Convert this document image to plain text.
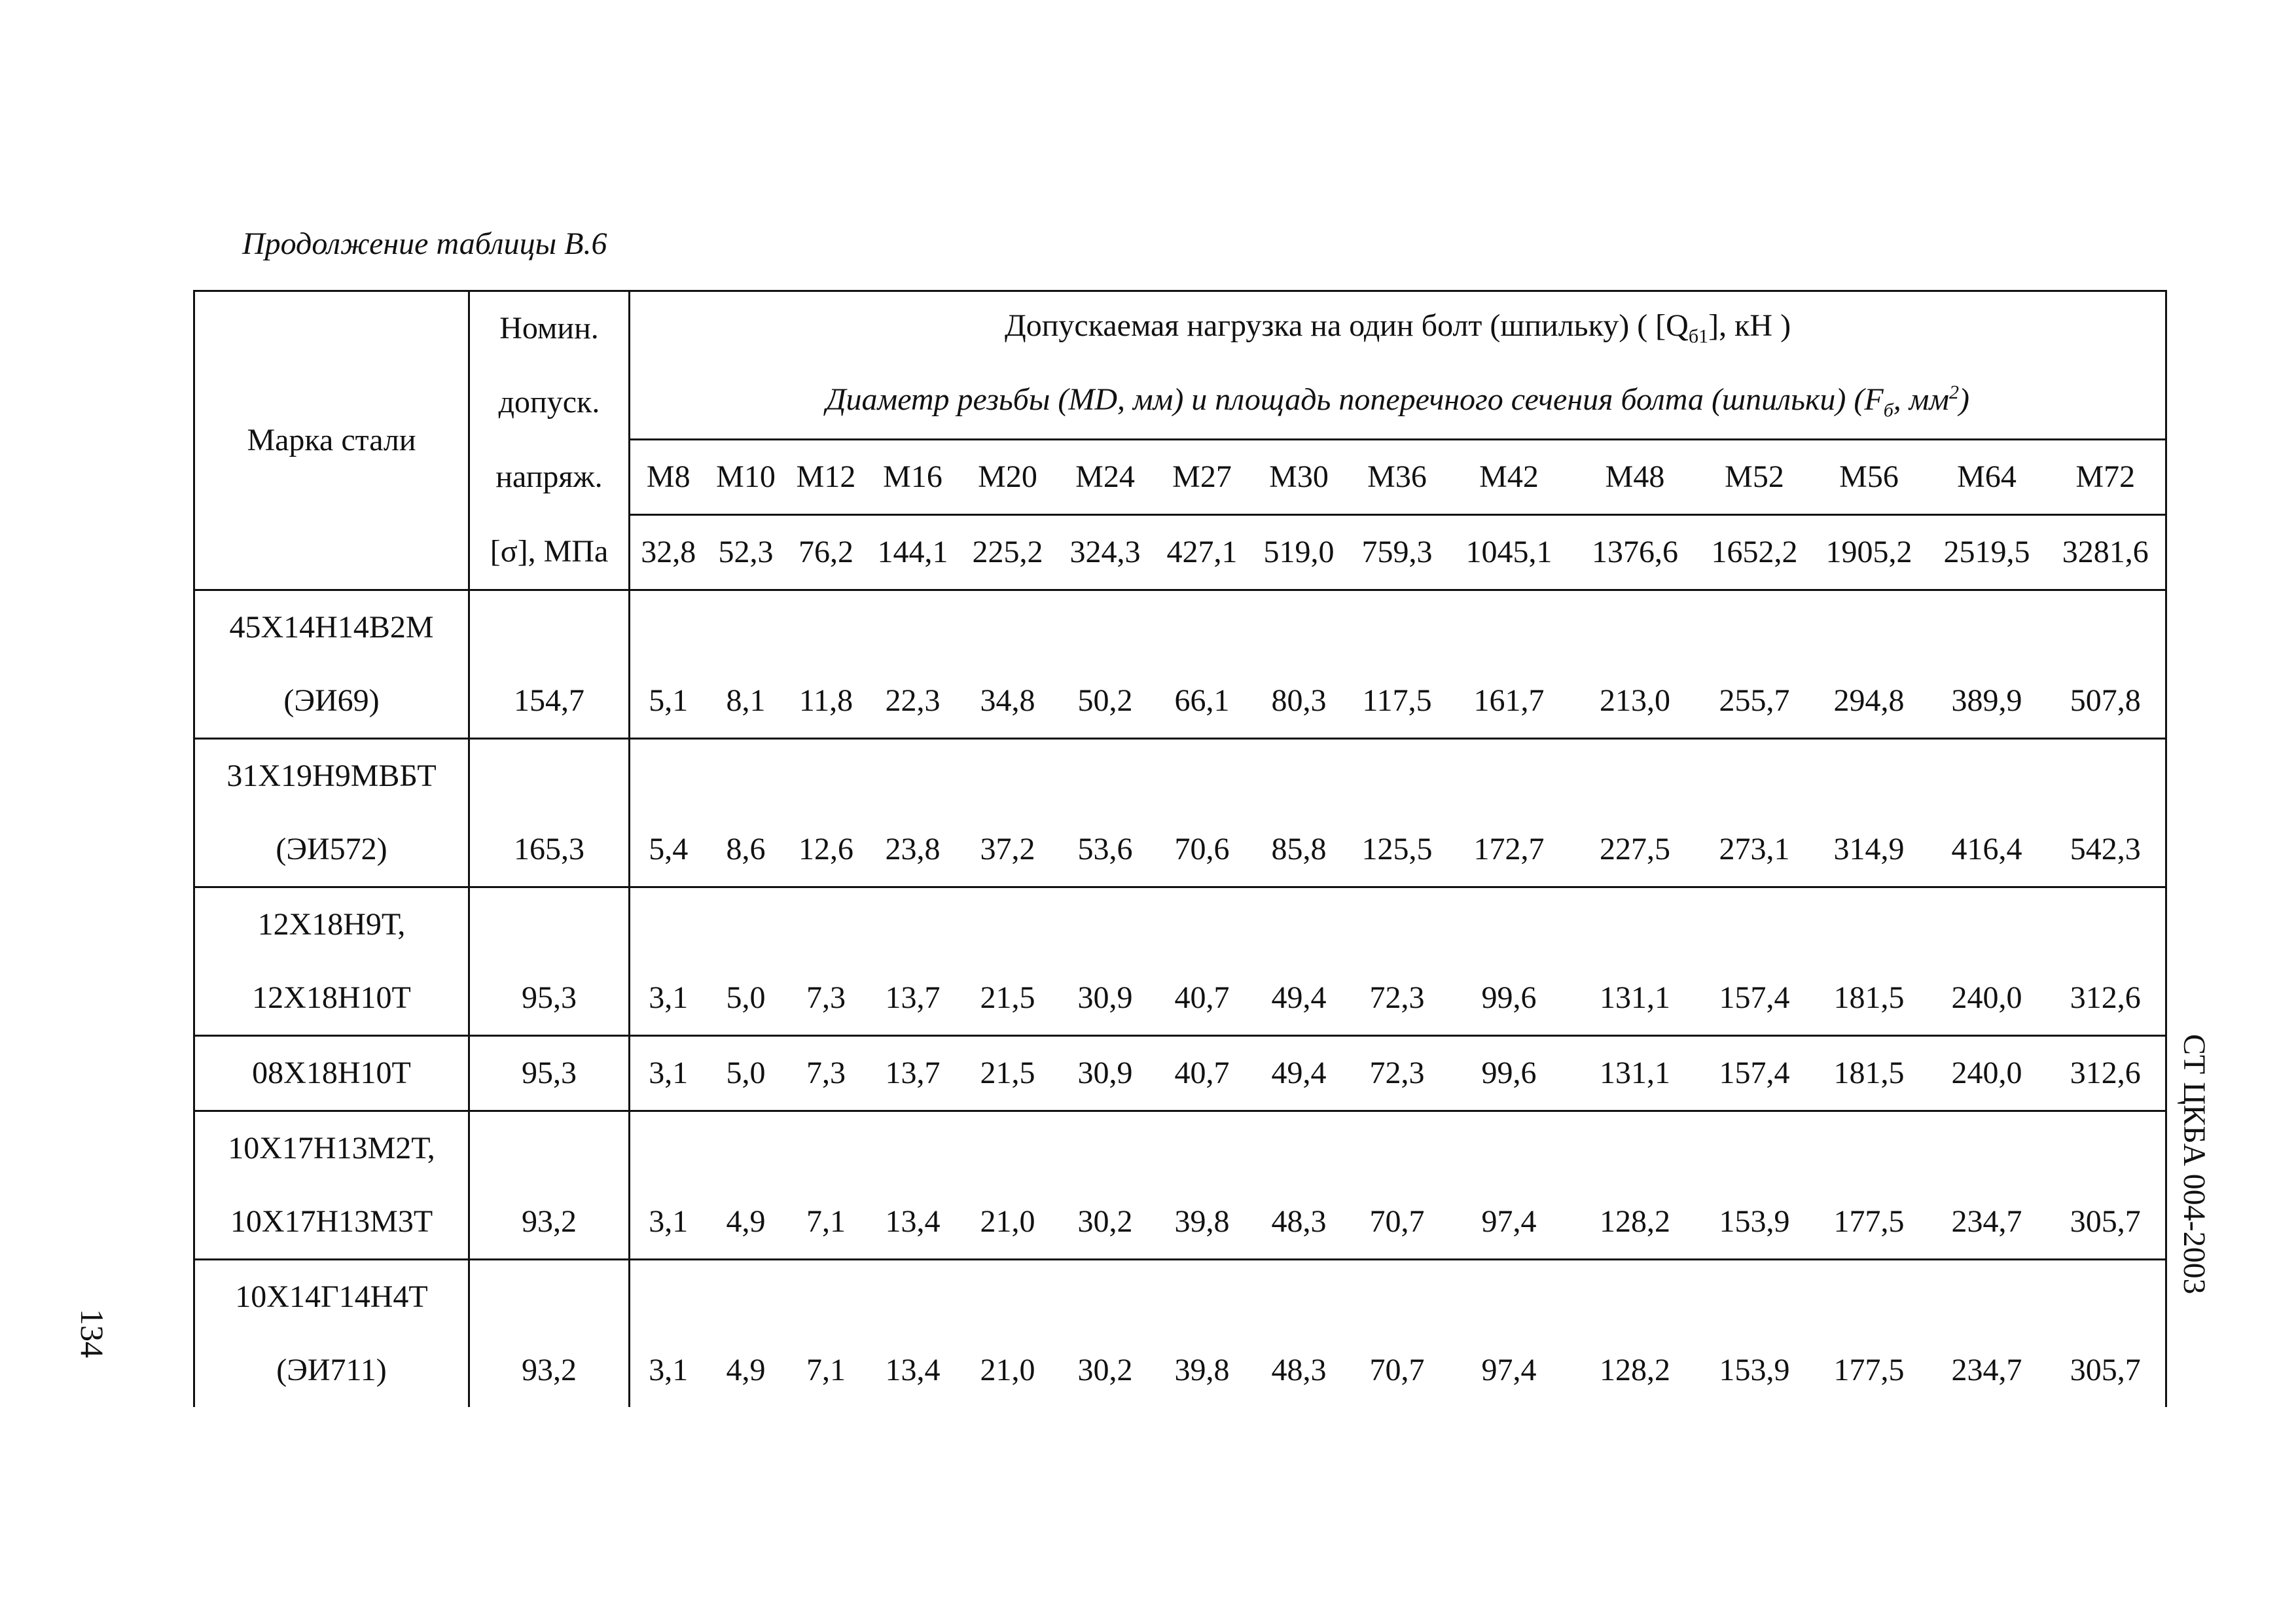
Продолжение таблицы В.6
Марка стали	Номин.	Допускаемая нагрузка на один болт (шпильку) ( $[Q_{б1}]$, кН )														
	допуск.	Диаметр резьбы (MD, мм) и площадь поперечного сечения болта (шпильки) ($F_б$, $мм^2$)														
	напряж.	M8	M10	M12	M16	M20	M24	M27	M30	M36	M42	M48	M52	M56	M64	M72
	[σ], МПа	32,8	52,3	76,2	144,1	225,2	324,3	427,1	519,0	759,3	1045,1	1376,6	1652,2	1905,2	2519,5	3281,6

45Х14Н14В2М
(ЭИ69)	154,7	5,1	8,1	11,8	22,3	34,8	50,2	66,1	80,3	117,5	161,7	213,0	255,7	294,8	389,9	507,8

31Х19Н9МВБТ
(ЭИ572)	165,3	5,4	8,6	12,6	23,8	37,2	53,6	70,6	85,8	125,5	172,7	227,5	273,1	314,9	416,4	542,3

12Х18Н9Т,
12Х18Н10Т	95,3	3,1	5,0	7,3	13,7	21,5	30,9	40,7	49,4	72,3	99,6	131,1	157,4	181,5	240,0	312,6

08Х18Н10Т	95,3	3,1	5,0	7,3	13,7	21,5	30,9	40,7	49,4	72,3	99,6	131,1	157,4	181,5	240,0	312,6

10Х17Н13М2Т,
10Х17Н13М3Т	93,2	3,1	4,9	7,1	13,4	21,0	30,2	39,8	48,3	70,7	97,4	128,2	153,9	177,5	234,7	305,7

10Х14Г14Н4Т
(ЭИ711)	93,2	3,1	4,9	7,1	13,4	21,0	30,2	39,8	48,3	70,7	97,4	128,2	153,9	177,5	234,7	305,7
134
СТ ЦКБА 004-2003
